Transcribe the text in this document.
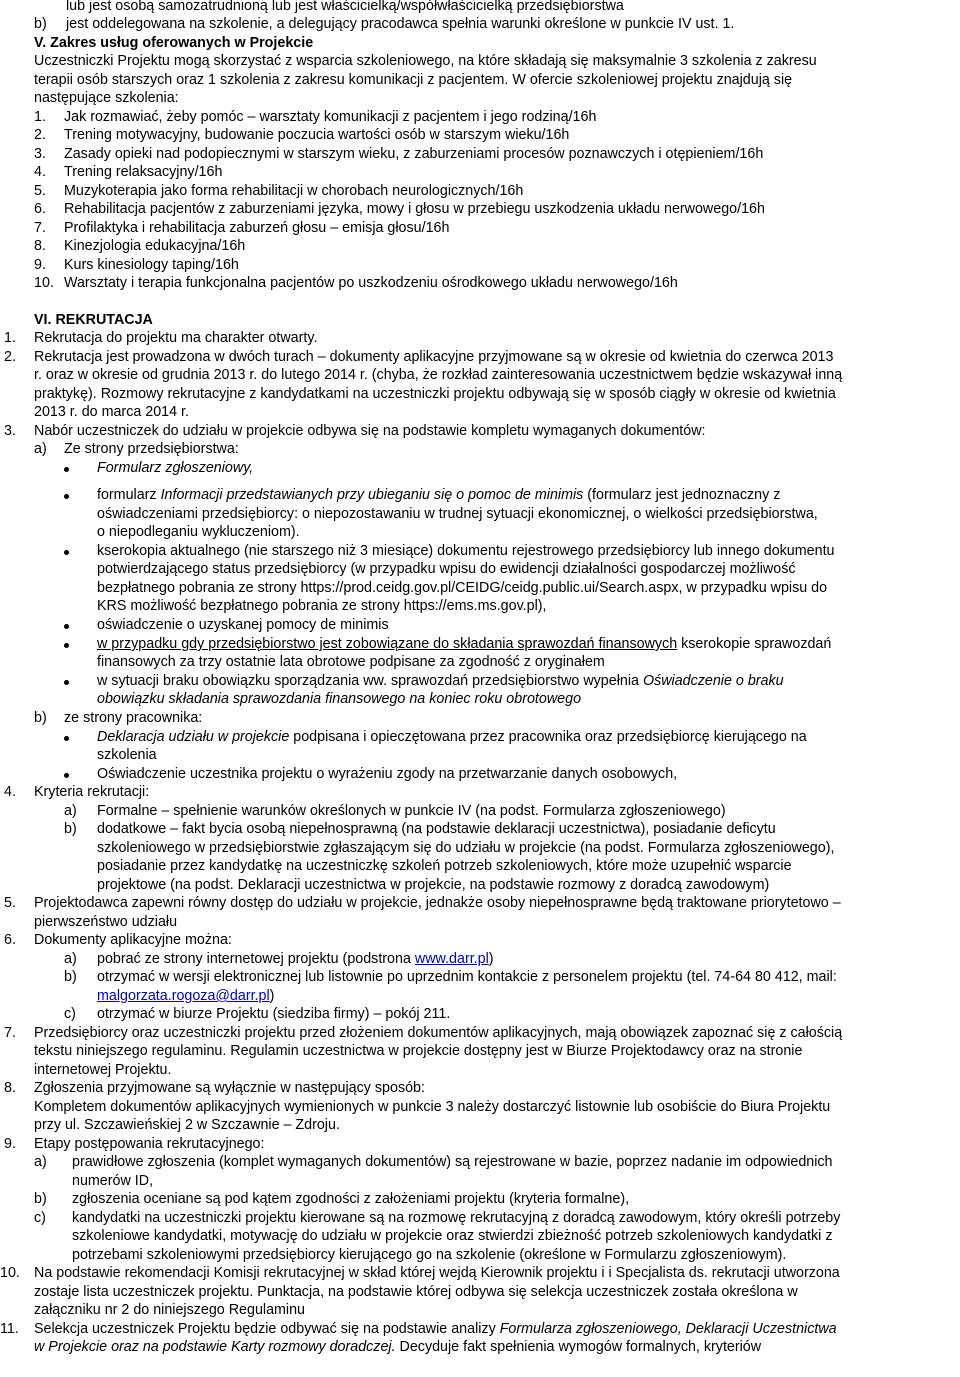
lub jest osobą samozatrudnioną lub jest właścicielką/współwłaścicielką przedsiębiorstwa
b) jest oddelegowana na szkolenie, a delegujący pracodawca spełnia warunki określone w punkcie IV ust. 1.
V. Zakres usług oferowanych w Projekcie
Uczestniczki Projektu mogą skorzystać z wsparcia szkoleniowego, na które składają się maksymalnie 3 szkolenia z zakresu
terapii osób starszych oraz 1 szkolenia z zakresu komunikacji z pacjentem. W ofercie szkoleniowej projektu znajdują się
następujące szkolenia:
1. Jak rozmawiać, żeby pomóc – warsztaty komunikacji z pacjentem i jego rodziną/16h
2. Trening motywacyjny, budowanie poczucia wartości osób w starszym wieku/16h
3. Zasady opieki nad podopiecznymi w starszym wieku, z zaburzeniami procesów poznawczych i otępieniem/16h
4. Trening relaksacyjny/16h
5. Muzykoterapia jako forma rehabilitacji w chorobach neurologicznych/16h
6. Rehabilitacja pacjentów z zaburzeniami języka, mowy i głosu w przebiegu uszkodzenia układu nerwowego/16h
7. Profilaktyka i rehabilitacja zaburzeń głosu – emisja głosu/16h
8. Kinezjologia edukacyjna/16h
9. Kurs kinesiology taping/16h
10. Warsztaty i terapia funkcjonalna pacjentów po uszkodzeniu ośrodkowego układu nerwowego/16h
VI. REKRUTACJA
1. Rekrutacja do projektu ma charakter otwarty.
2. Rekrutacja jest prowadzona w dwóch turach – dokumenty aplikacyjne przyjmowane są w okresie od kwietnia do czerwca 2013
r. oraz w okresie od grudnia 2013 r. do lutego 2014 r. (chyba, że rozkład zainteresowania uczestnictwem będzie wskazywał inną
praktykę). Rozmowy rekrutacyjne z kandydatkami na uczestniczki projektu odbywają się w sposób ciągły w okresie od kwietnia
2013 r. do marca 2014 r.
3. Nabór uczestniczek do udziału w projekcie odbywa się na podstawie kompletu wymaganych dokumentów:
a) Ze strony przedsiębiorstwa:
Formularz zgłoszeniowy,
formularz Informacji przedstawianych przy ubieganiu się o pomoc de minimis (formularz jest jednoznaczny z
oświadczeniami przedsiębiorcy: o niepozostawaniu w trudnej sytuacji ekonomicznej, o wielkości przedsiębiorstwa,
o niepodleganiu wykluczeniom).
kserokopia aktualnego (nie starszego niż 3 miesiące) dokumentu rejestrowego przedsiębiorcy lub innego dokumentu
potwierdzającego status przedsiębiorcy (w przypadku wpisu do ewidencji działalności gospodarczej możliwość
bezpłatnego pobrania ze strony https://prod.ceidg.gov.pl/CEIDG/ceidg.public.ui/Search.aspx, w przypadku wpisu do
KRS możliwość bezpłatnego pobrania ze strony https://ems.ms.gov.pl),
oświadczenie o uzyskanej pomocy de minimis
w przypadku gdy przedsiębiorstwo jest zobowiązane do składania sprawozdań finansowych kserokopie sprawozdań
finansowych za trzy ostatnie lata obrotowe podpisane za zgodność z oryginałem
w sytuacji braku obowiązku sporządzania ww. sprawozdań przedsiębiorstwo wypełnia Oświadczenie o braku
obowiązku składania sprawozdania finansowego na koniec roku obrotowego
b) ze strony pracownika:
Deklaracja udziału w projekcie podpisana i opieczętowana przez pracownika oraz przedsiębiorcę kierującego na
szkolenia
Oświadczenie uczestnika projektu o wyrażeniu zgody na przetwarzanie danych osobowych,
4. Kryteria rekrutacji:
a) Formalne – spełnienie warunków określonych w punkcie IV (na podst. Formularza zgłoszeniowego)
b) dodatkowe – fakt bycia osobą niepełnosprawną (na podstawie deklaracji uczestnictwa), posiadanie deficytu
szkoleniowego w przedsiębiorstwie zgłaszającym się do udziału w projekcie (na podst. Formularza zgłoszeniowego),
posiadanie przez kandydatkę na uczestniczkę szkoleń potrzeb szkoleniowych, które może uzupełnić wsparcie
projektowe (na podst. Deklaracji uczestnictwa w projekcie, na podstawie rozmowy z doradcą zawodowym)
5. Projektodawca zapewni równy dostęp do udziału w projekcie, jednakże osoby niepełnosprawne będą traktowane priorytetowo –
pierwszeństwo udziału
6. Dokumenty aplikacyjne można:
a) pobrać ze strony internetowej projektu (podstrona www.darr.pl)
b) otrzymać w wersji elektronicznej lub listownie po uprzednim kontakcie z personelem projektu (tel. 74-64 80 412, mail:
malgorzata.rogoza@darr.pl)
c) otrzymać w biurze Projektu (siedziba firmy) – pokój 211.
7. Przedsiębiorcy oraz uczestniczki projektu przed złożeniem dokumentów aplikacyjnych, mają obowiązek zapoznać się z całością
tekstu niniejszego regulaminu. Regulamin uczestnictwa w projekcie dostępny jest w Biurze Projektodawcy oraz na stronie
internetowej Projektu.
8. Zgłoszenia przyjmowane są wyłącznie w następujący sposób:
Kompletem dokumentów aplikacyjnych wymienionych w punkcie 3 należy dostarczyć listownie lub osobiście do Biura Projektu
przy ul. Szczawieńskiej 2 w Szczawnie – Zdroju.
9. Etapy postępowania rekrutacyjnego:
a) prawidłowe zgłoszenia (komplet wymaganych dokumentów) są rejestrowane w bazie, poprzez nadanie im odpowiednich
numerów ID,
b) zgłoszenia oceniane są pod kątem zgodności z założeniami projektu (kryteria formalne),
c) kandydatki na uczestniczki projektu kierowane są na rozmowę rekrutacyjną z doradcą zawodowym, który określi potrzeby
szkoleniowe kandydatki, motywację do udziału w projekcie oraz stwierdzi zbieżność potrzeb szkoleniowych kandydatki z
potrzebami szkoleniowymi przedsiębiorcy kierującego go na szkolenie (określone w Formularzu zgłoszeniowym).
10. Na podstawie rekomendacji Komisji rekrutacyjnej w skład której wejdą Kierownik projektu i i Specjalista ds. rekrutacji utworzona
zostaje lista uczestniczek projektu. Punktacja, na podstawie której odbywa się selekcja uczestniczek została określona w
załączniku nr 2 do niniejszego Regulaminu
11. Selekcja uczestniczek Projektu będzie odbywać się na podstawie analizy Formularza zgłoszeniowego, Deklaracji Uczestnictwa
w Projekcie oraz na podstawie Karty rozmowy doradczej. Decyduje fakt spełnienia wymogów formalnych, kryteriów
